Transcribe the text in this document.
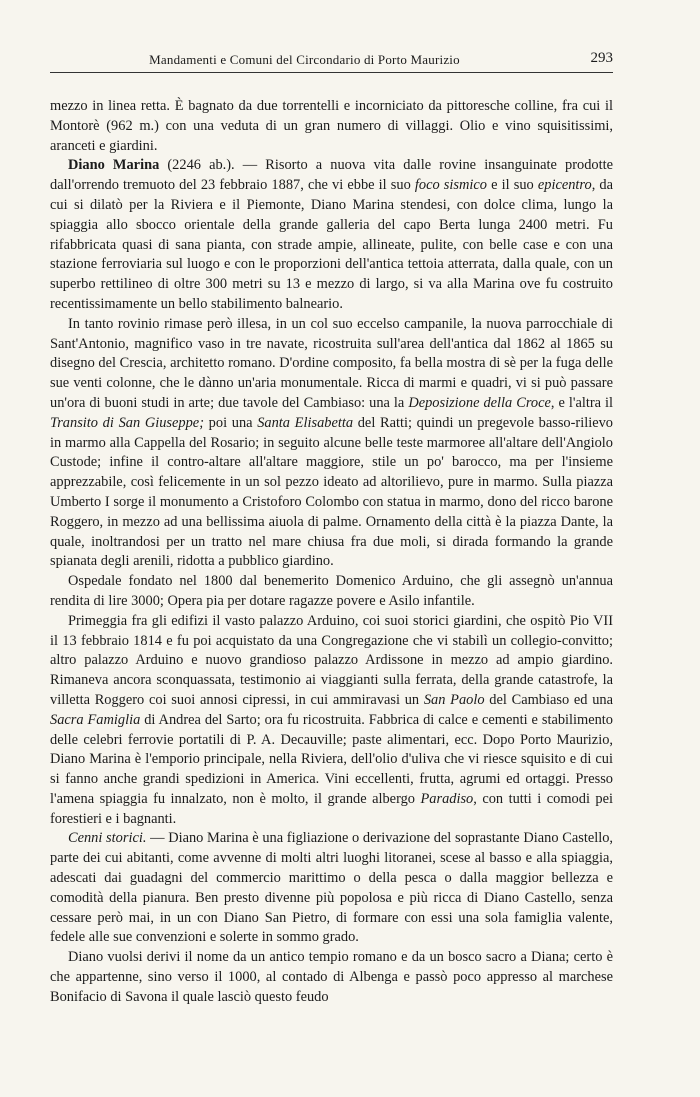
Mandamenti e Comuni del Circondario di Porto Maurizio	293

mezzo in linea retta. È bagnato da due torrentelli e incorniciato da pittoresche colline, fra cui il Montorè (962 m.) con una veduta di un gran numero di villaggi. Olio e vino squisitissimi, aranceti e giardini.

Diano Marina (2246 ab.). — Risorto a nuova vita dalle rovine insanguinate prodotte dall'orrendo tremuoto del 23 febbraio 1887, che vi ebbe il suo foco sismico e il suo epicentro, da cui si dilatò per la Riviera e il Piemonte, Diano Marina stendesi, con dolce clima, lungo la spiaggia allo sbocco orientale della grande galleria del capo Berta lunga 2400 metri. Fu rifabbricata quasi di sana pianta, con strade ampie, allineate, pulite, con belle case e con una stazione ferroviaria sul luogo e con le proporzioni dell'antica tettoia atterrata, dalla quale, con un superbo rettilineo di oltre 300 metri su 13 e mezzo di largo, si va alla Marina ove fu costruito recentissimamente un bello stabilimento balneario.

In tanto rovinio rimase però illesa, in un col suo eccelso campanile, la nuova parrocchiale di Sant'Antonio, magnifico vaso in tre navate, ricostruita sull'area dell'antica dal 1862 al 1865 su disegno del Crescia, architetto romano. D'ordine composito, fa bella mostra di sè per la fuga delle sue venti colonne, che le dànno un'aria monumentale. Ricca di marmi e quadri, vi si può passare un'ora di buoni studi in arte; due tavole del Cambiaso: una la Deposizione della Croce, e l'altra il Transito di San Giuseppe; poi una Santa Elisabetta del Ratti; quindi un pregevole basso-rilievo in marmo alla Cappella del Rosario; in seguito alcune belle teste marmoree all'altare dell'Angiolo Custode; infine il contro-altare all'altare maggiore, stile un po' barocco, ma per l'insieme apprezzabile, così felicemente in un sol pezzo ideato ad altorilievo, pure in marmo. Sulla piazza Umberto I sorge il monumento a Cristoforo Colombo con statua in marmo, dono del ricco barone Roggero, in mezzo ad una bellissima aiuola di palme. Ornamento della città è la piazza Dante, la quale, inoltrandosi per un tratto nel mare chiusa fra due moli, si dirada formando la grande spianata degli arenili, ridotta a pubblico giardino.

Ospedale fondato nel 1800 dal benemerito Domenico Arduino, che gli assegnò un'annua rendita di lire 3000; Opera pia per dotare ragazze povere e Asilo infantile.

Primeggia fra gli edifizi il vasto palazzo Arduino, coi suoi storici giardini, che ospitò Pio VII il 13 febbraio 1814 e fu poi acquistato da una Congregazione che vi stabilì un collegio-convitto; altro palazzo Arduino e nuovo grandioso palazzo Ardissone in mezzo ad ampio giardino. Rimaneva ancora sconquassata, testimonio ai viaggianti sulla ferrata, della grande catastrofe, la villetta Roggero coi suoi annosi cipressi, in cui ammiravasi un San Paolo del Cambiaso ed una Sacra Famiglia di Andrea del Sarto; ora fu ricostruita. Fabbrica di calce e cementi e stabilimento delle celebri ferrovie portatili di P. A. Decauville; paste alimentari, ecc. Dopo Porto Maurizio, Diano Marina è l'emporio principale, nella Riviera, dell'olio d'uliva che vi riesce squisito e di cui si fanno anche grandi spedizioni in America. Vini eccellenti, frutta, agrumi ed ortaggi. Presso l'amena spiaggia fu innalzato, non è molto, il grande albergo Paradiso, con tutti i comodi pei forestieri e i bagnanti.

Cenni storici. — Diano Marina è una figliazione o derivazione del soprastante Diano Castello, parte dei cui abitanti, come avvenne di molti altri luoghi litoranei, scese al basso e alla spiaggia, adescati dai guadagni del commercio marittimo o della pesca o dalla maggior bellezza e comodità della pianura. Ben presto divenne più popolosa e più ricca di Diano Castello, senza cessare però mai, in un con Diano San Pietro, di formare con essi una sola famiglia valente, fedele alle sue convenzioni e solerte in sommo grado.

Diano vuolsi derivi il nome da un antico tempio romano e da un bosco sacro a Diana; certo è che appartenne, sino verso il 1000, al contado di Albenga e passò poco appresso al marchese Bonifacio di Savona il quale lasciò questo feudo
